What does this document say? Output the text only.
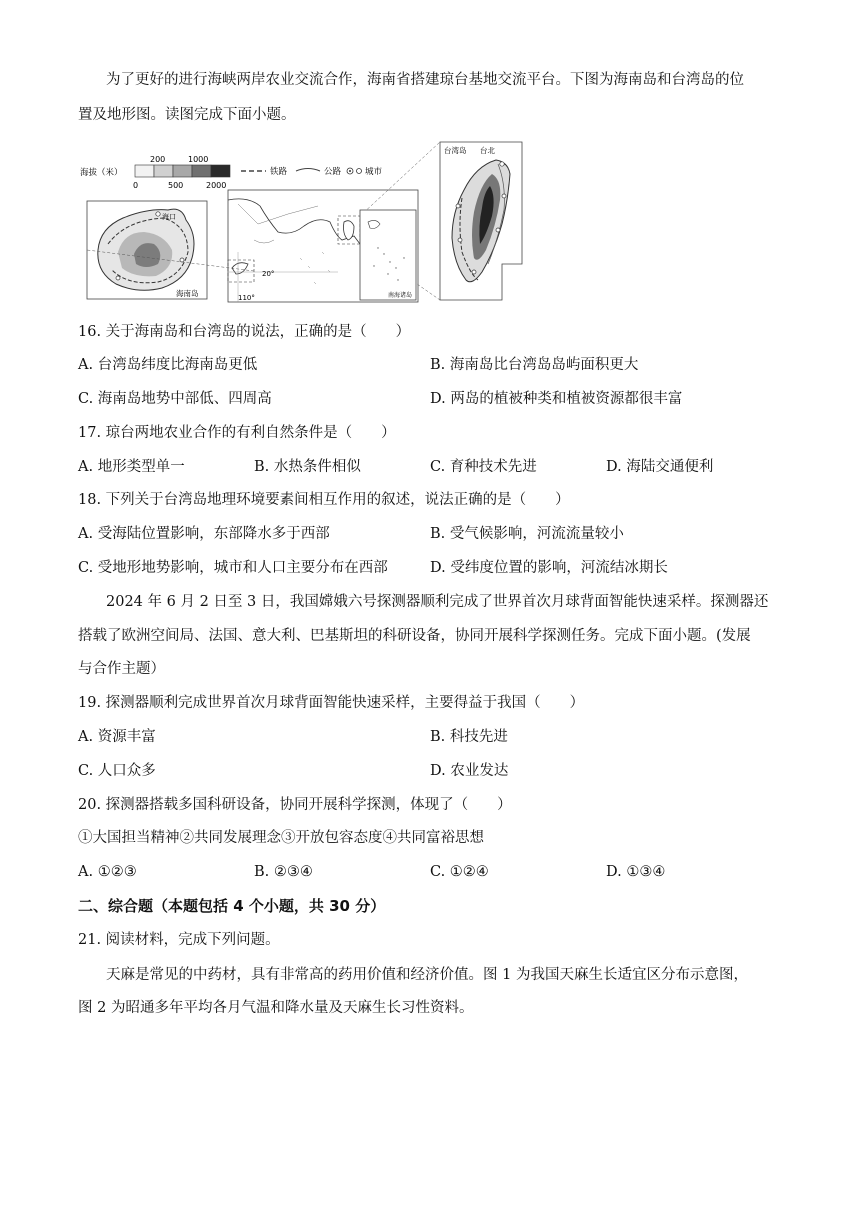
为了更好的进行海峡两岸农业交流合作，海南省搭建琼台基地交流平台。下图为海南岛和台湾岛的位
置及地形图。读图完成下面小题。
海拔（米）
200	1000
0	500	2000
铁路	公路	城市
海口
海南岛
20°
110°	南海诸岛
台湾岛 台北
16. 关于海南岛和台湾岛的说法，正确的是（　　）
A. 台湾岛纬度比海南岛更低	B. 海南岛比台湾岛岛屿面积更大
C. 海南岛地势中部低、四周高	D. 两岛的植被种类和植被资源都很丰富
17. 琼台两地农业合作的有利自然条件是（　　）
A. 地形类型单一	B. 水热条件相似	C. 育种技术先进	D. 海陆交通便利
18. 下列关于台湾岛地理环境要素间相互作用的叙述，说法正确的是（　　）
A. 受海陆位置影响，东部降水多于西部	B. 受气候影响，河流流量较小
C. 受地形地势影响，城市和人口主要分布在西部	D. 受纬度位置的影响，河流结冰期长
2024 年 6 月 2 日至 3 日，我国嫦娥六号探测器顺利完成了世界首次月球背面智能快速采样。探测器还
搭载了欧洲空间局、法国、意大利、巴基斯坦的科研设备，协同开展科学探测任务。完成下面小题。(发展
与合作主题）
19. 探测器顺利完成世界首次月球背面智能快速采样，主要得益于我国（　　）
A. 资源丰富	B. 科技先进
C. 人口众多	D. 农业发达
20. 探测器搭载多国科研设备，协同开展科学探测，体现了（　　）
①大国担当精神②共同发展理念③开放包容态度④共同富裕思想
A. ①②③	B. ②③④	C. ①②④	D. ①③④
二、综合题（本题包括 4 个小题，共 30 分）
21. 阅读材料，完成下列问题。
天麻是常见的中药材，具有非常高的药用价值和经济价值。图 1 为我国天麻生长适宜区分布示意图，
图 2 为昭通多年平均各月气温和降水量及天麻生长习性资料。
